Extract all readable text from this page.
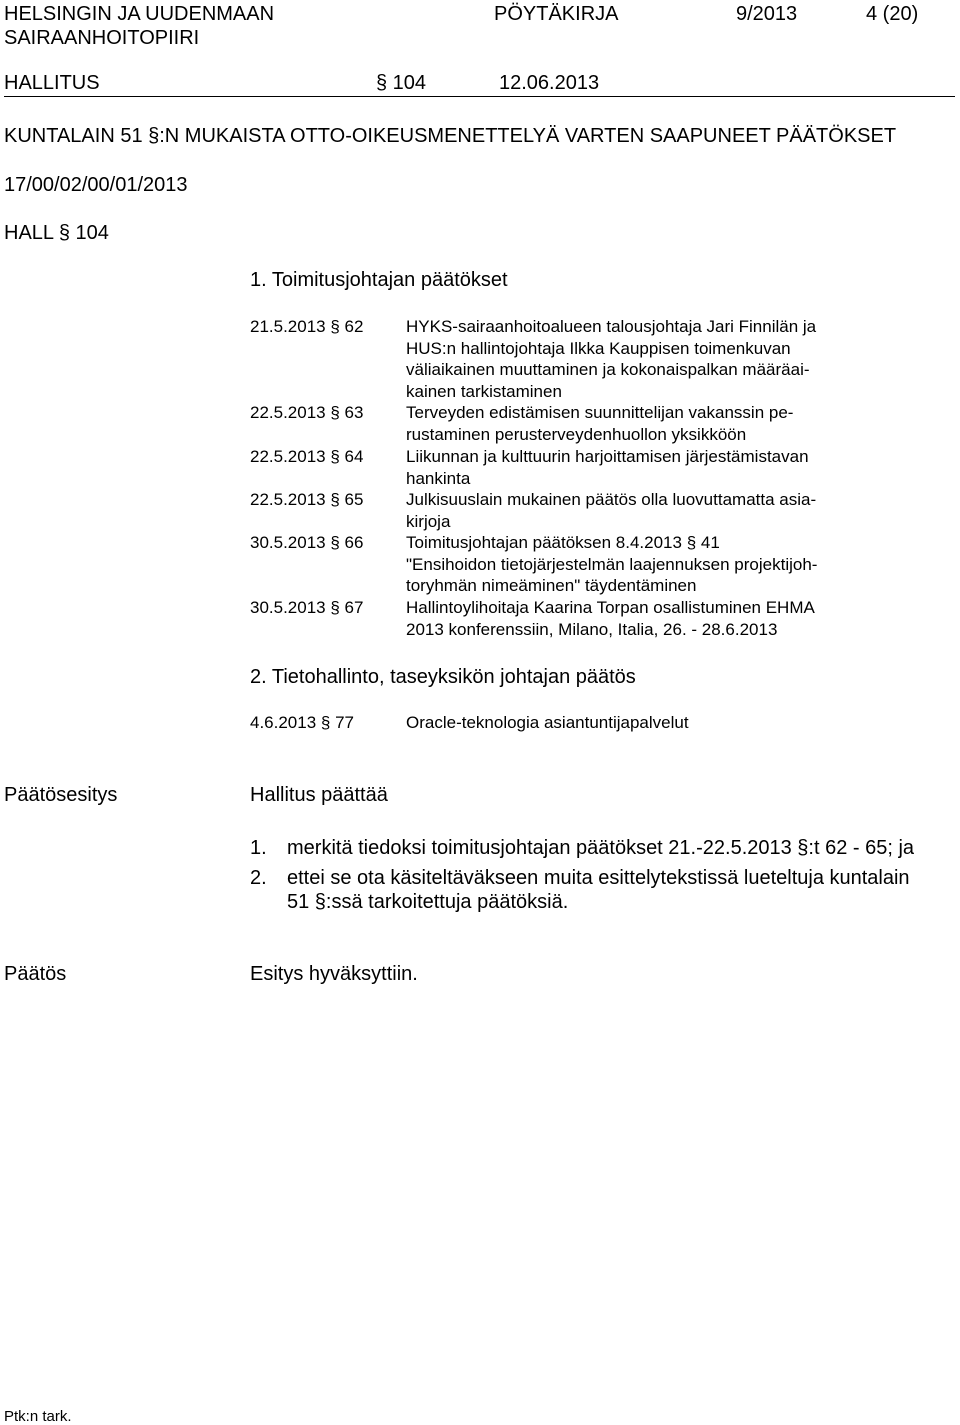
HELSINGIN JA UUDENMAAN
SAIRAANHOITOPIIRI
PÖYTÄKIRJA	9/2013	4 (20)
HALLITUS	§ 104	12.06.2013
KUNTALAIN 51 §:N MUKAISTA OTTO-OIKEUSMENETTELYÄ VARTEN SAAPUNEET PÄÄTÖKSET
17/00/02/00/01/2013
HALL § 104
1. Toimitusjohtajan päätökset
21.5.2013 § 62	HYKS-sairaanhoitoalueen talousjohtaja Jari Finnilän ja
HUS:n hallintojohtaja Ilkka Kauppisen toimenkuvan
väliaikainen muuttaminen ja kokonaispalkan määräai-
kainen tarkistaminen
22.5.2013 § 63	Terveyden edistämisen suunnittelijan vakanssin pe-
rustaminen perusterveydenhuollon yksikköön
22.5.2013 § 64	Liikunnan ja kulttuurin harjoittamisen järjestämistavan
hankinta
22.5.2013 § 65	Julkisuuslain mukainen päätös olla luovuttamatta asia-
kirjoja
30.5.2013 § 66	Toimitusjohtajan päätöksen 8.4.2013 § 41
"Ensihoidon tietojärjestelmän laajennuksen projektijoh-
toryhmän nimeäminen" täydentäminen
30.5.2013 § 67	Hallintoylihoitaja Kaarina Torpan osallistuminen EHMA
2013 konferenssiin, Milano, Italia, 26. - 28.6.2013
2. Tietohallinto, taseyksikön johtajan päätös
4.6.2013 § 77	Oracle-teknologia asiantuntijapalvelut
Päätösesitys	Hallitus päättää
1. merkitä tiedoksi toimitusjohtajan päätökset 21.-22.5.2013 §:t 62 - 65; ja
2. ettei se ota käsiteltäväkseen muita esittelytekstissä lueteltuja kuntalain
51 §:ssä tarkoitettuja päätöksiä.
Päätös	Esitys hyväksyttiin.
Ptk:n tark.
